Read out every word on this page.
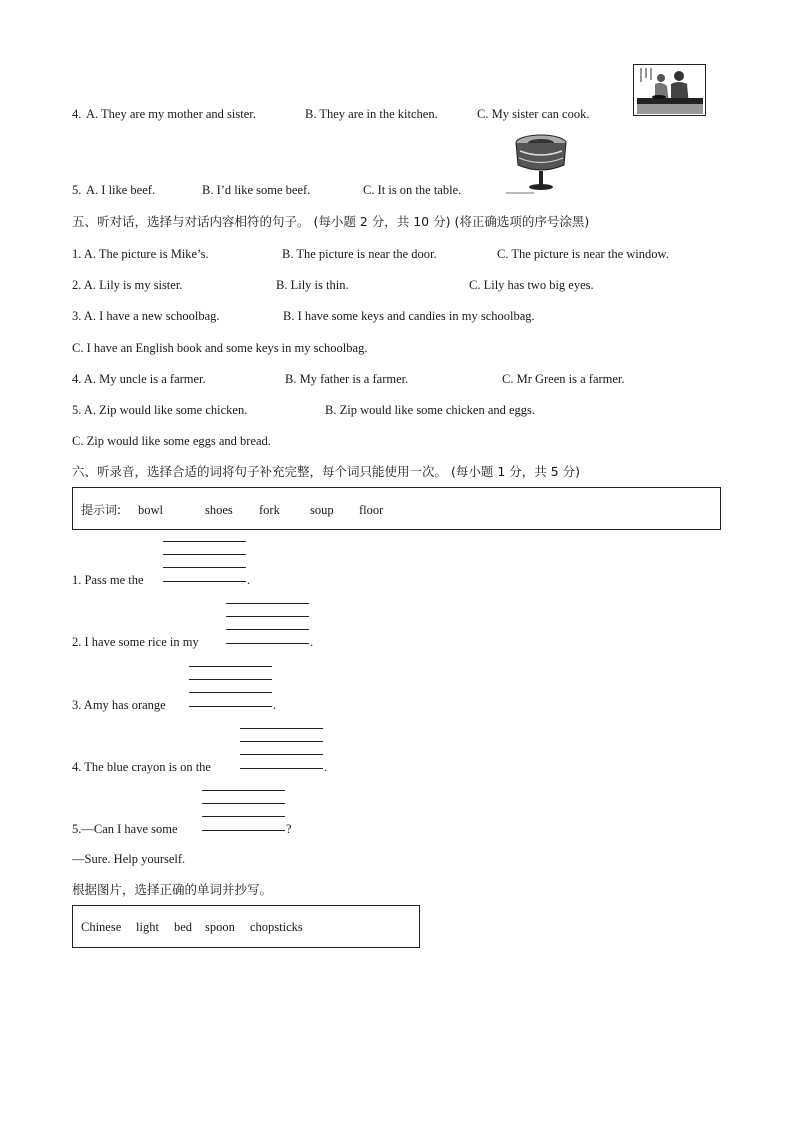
4. A. They are my mother and sister.	B. They are in the kitchen.	C. My sister can cook.
5. A. I like beef.	B. I’d like some beef.	C. It is on the table.
五、听对话，选择与对话内容相符的句子。 (每小题 2 分，共 10 分) (将正确选项的序号涂黑)
1. A. The picture is Mike’s.	B. The picture is near the door.	C. The picture is near the window.
2. A. Lily is my sister.	B. Lily is thin.	C. Lily has two big eyes.
3. A. I have a new schoolbag.	B. I have some keys and candies in my schoolbag.
C. I have an English book and some keys in my schoolbag.
4. A. My uncle is a farmer.	B. My father is a farmer.	C. Mr Green is a farmer.
5. A. Zip would like some chicken.	B. Zip would like some chicken and eggs.
C. Zip would like some eggs and bread.
六、听录音，选择合适的词将句子补充完整，每个词只能使用一次。 (每小题 1 分，共 5 分)
提示词: bowl	shoes fork soup floor
1. Pass me the	.
2. I have some rice in my	.
3. Amy has orange	.
4. The blue crayon is on the	.
5.—Can I have some	?
—Sure. Help yourself.
根据图片，选择正确的单词并抄写。
Chinese light bed spoon chopsticks
